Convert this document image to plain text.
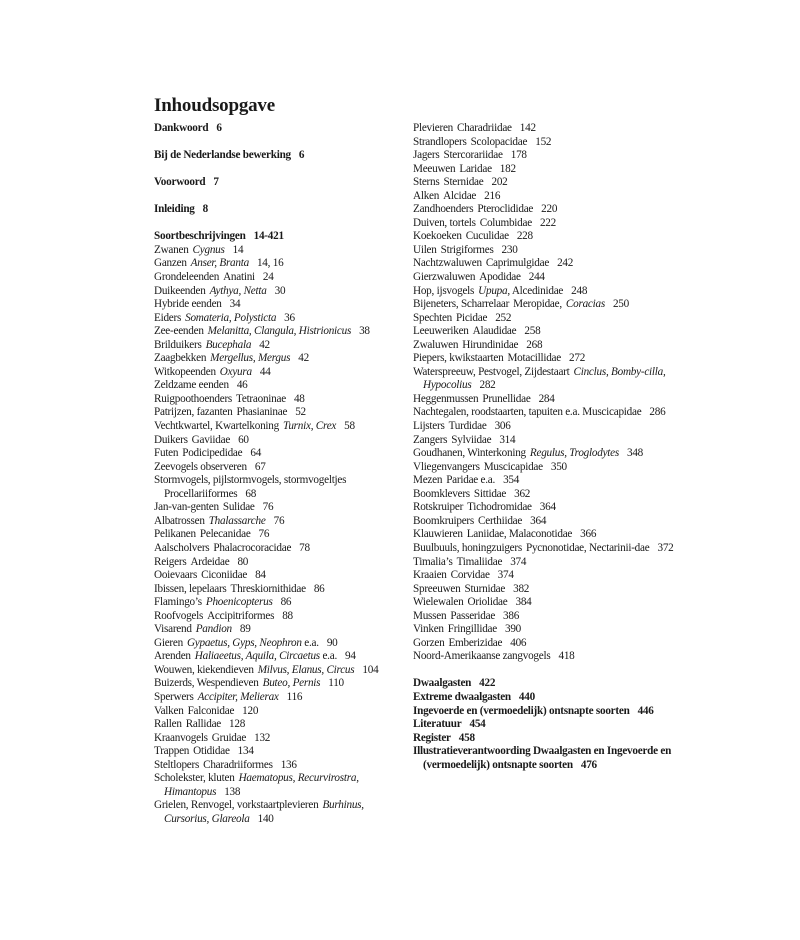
Inhoudsopgave

Dankwoord 6

Bij de Nederlandse bewerking 6

Voorwoord 7

Inleiding 8

Soortbeschrijvingen 14-421

Zwanen Cygnus 14

Ganzen Anser, Branta 14, 16

Grondeleenden Anatini 24

Duikeenden Aythya, Netta 30

Hybride eenden 34

Eiders Somateria, Polysticta 36

Zee-eenden Melanitta, Clangula, Histrionicus 38

Brilduikers Bucephala 42

Zaagbekken Mergellus, Mergus 42

Witkopeenden Oxyura 44

Zeldzame eenden 46

Ruigpoothoenders Tetraoninae 48

Patrijzen, fazanten Phasianinae 52

Vechtkwartel, Kwartelkoning Turnix, Crex 58

Duikers Gaviidae 60

Futen Podicipedidae 64

Zeevogels observeren 67

Stormvogels, pijlstormvogels, stormvogeltjes Procellariiformes 68

Jan-van-genten Sulidae 76

Albatrossen Thalassarche 76

Pelikanen Pelecanidae 76

Aalscholvers Phalacrocoracidae 78

Reigers Ardeidae 80

Ooievaars Ciconiidae 84

Ibissen, lepelaars Threskiornithidae 86

Flamingo’s Phoenicopterus 86

Roofvogels Accipitriformes 88

Visarend Pandion 89

Gieren Gypaetus, Gyps, Neophron e.a. 90

Arenden Haliaeetus, Aquila, Circaetus e.a. 94

Wouwen, kiekendieven Milvus, Elanus, Circus 104

Buizerds, Wespendieven Buteo, Pernis 110

Sperwers Accipiter, Melierax 116

Valken Falconidae 120

Rallen Rallidae 128

Kraanvogels Gruidae 132

Trappen Otididae 134

Steltlopers Charadriiformes 136

Scholekster, kluten Haematopus, Recurvirostra, Himantopus 138

Grielen, Renvogel, vorkstaartplevieren Burhinus, Cursorius, Glareola 140

Plevieren Charadriidae 142

Strandlopers Scolopacidae 152

Jagers Stercorariidae 178

Meeuwen Laridae 182

Sterns Sternidae 202

Alken Alcidae 216

Zandhoenders Pteroclididae 220

Duiven, tortels Columbidae 222

Koekoeken Cuculidae 228

Uilen Strigiformes 230

Nachtzwaluwen Caprimulgidae 242

Gierzwaluwen Apodidae 244

Hop, ijsvogels Upupa, Alcedinidae 248

Bijeneters, Scharrelaar Meropidae, Coracias 250

Spechten Picidae 252

Leeuweriken Alaudidae 258

Zwaluwen Hirundinidae 268

Piepers, kwikstaarten Motacillidae 272

Waterspreeuw, Pestvogel, Zijdestaart Cinclus, Bomby-cilla, Hypocolius 282

Heggenmussen Prunellidae 284

Nachtegalen, roodstaarten, tapuiten e.a. Muscicapidae 286

Lijsters Turdidae 306

Zangers Sylviidae 314

Goudhanen, Winterkoning Regulus, Troglodytes 348

Vliegenvangers Muscicapidae 350

Mezen Paridae e.a. 354

Boomklevers Sittidae 362

Rotskruiper Tichodromidae 364

Boomkruipers Certhiidae 364

Klauwieren Laniidae, Malaconotidae 366

Buulbuuls, honingzuigers Pycnonotidae, Nectarinii-dae 372

Timalia’s Timaliidae 374

Kraaien Corvidae 374

Spreeuwen Sturnidae 382

Wielewalen Oriolidae 384

Mussen Passeridae 386

Vinken Fringillidae 390

Gorzen Emberizidae 406

Noord-Amerikaanse zangvogels 418

Dwaalgasten 422

Extreme dwaalgasten 440

Ingevoerde en (vermoedelijk) ontsnapte soorten 446

Literatuur 454

Register 458

Illustratieverantwoording Dwaalgasten en Ingevoerde en (vermoedelijk) ontsnapte soorten 476
